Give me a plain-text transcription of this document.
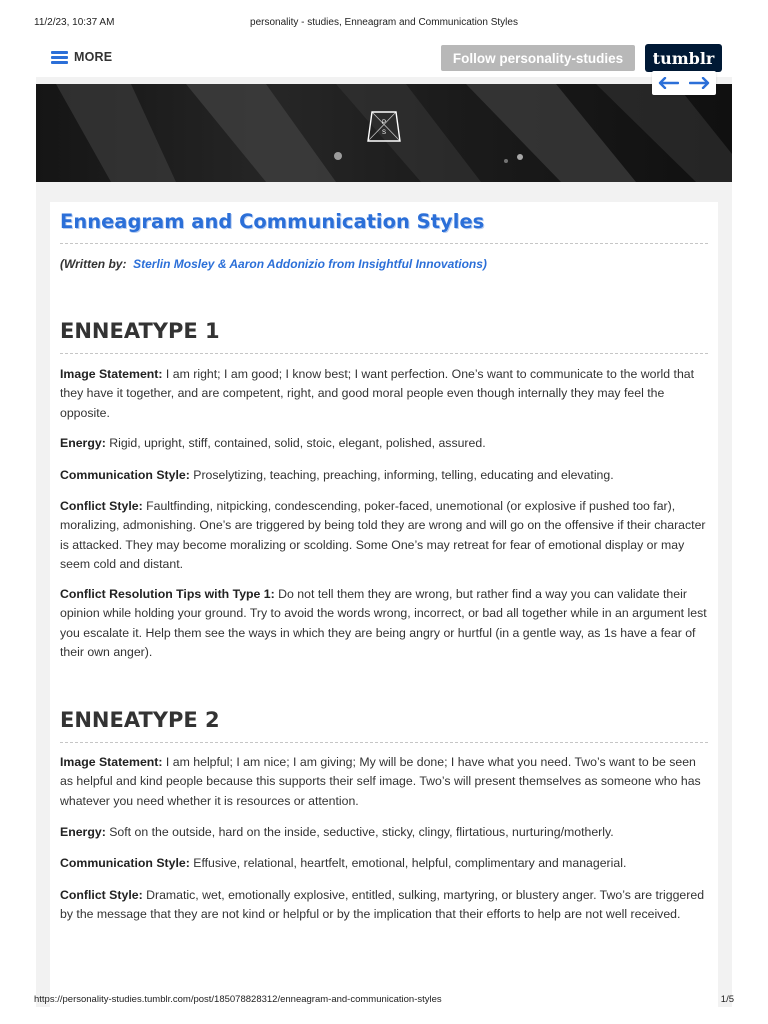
11/2/23, 10:37 AM	personality - studies, Enneagram and Communication Styles
MORE	Follow personality-studies	tumblr
P
S
Enneagram and Communication Styles
(Written by: Sterlin Mosley & Aaron Addonizio from Insightful Innovations)
ENNEATYPE 1

Image Statement: I am right; I am good; I know best; I want perfection. One’s want to communicate to the world that they have it together, and are competent, right, and good moral people even though internally they may feel the opposite.

Energy: Rigid, upright, stiff, contained, solid, stoic, elegant, polished, assured.

Communication Style: Proselytizing, teaching, preaching, informing, telling, educating and elevating.

Conflict Style: Faultfinding, nitpicking, condescending, poker-faced, unemotional (or explosive if pushed too far), moralizing, admonishing. One’s are triggered by being told they are wrong and will go on the offensive if their character is attacked. They may become moralizing or scolding. Some One’s may retreat for fear of emotional display or may seem cold and distant.

Conflict Resolution Tips with Type 1: Do not tell them they are wrong, but rather find a way you can validate their opinion while holding your ground. Try to avoid the words wrong, incorrect, or bad all together while in an argument lest you escalate it. Help them see the ways in which they are being angry or hurtful (in a gentle way, as 1s have a fear of their own anger).

ENNEATYPE 2

Image Statement: I am helpful; I am nice; I am giving; My will be done; I have what you need. Two’s want to be seen as helpful and kind people because this supports their self image. Two’s will present themselves as someone who has whatever you need whether it is resources or attention.

Energy: Soft on the outside, hard on the inside, seductive, sticky, clingy, flirtatious, nurturing/motherly.

Communication Style: Effusive, relational, heartfelt, emotional, helpful, complimentary and managerial.

Conflict Style: Dramatic, wet, emotionally explosive, entitled, sulking, martyring, or blustery anger. Two’s are triggered by the message that they are not kind or helpful or by the implication that their efforts to help are not well received.

https://personality-studies.tumblr.com/post/185078828312/enneagram-and-communication-styles	1/5
